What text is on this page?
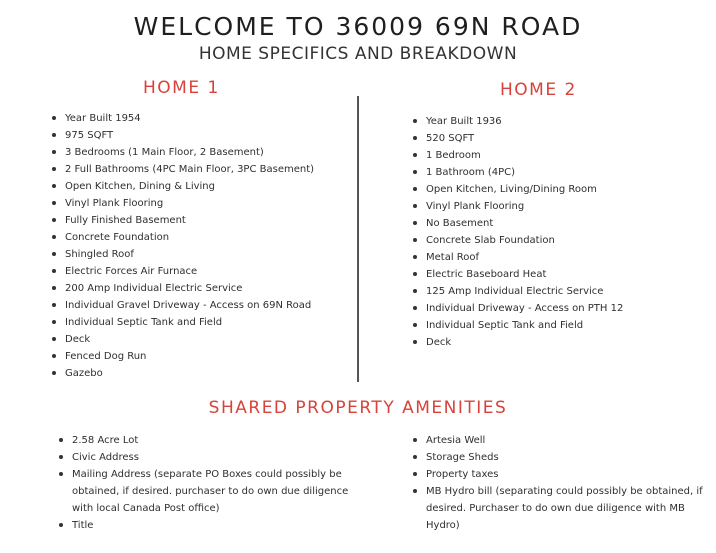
WELCOME TO 36009 69N ROAD
HOME SPECIFICS AND BREAKDOWN
HOME 1	HOME 2
Year Built 1954
975 SQFT
3 Bedrooms (1 Main Floor, 2 Basement)
2 Full Bathrooms (4PC Main Floor, 3PC Basement)
Open Kitchen, Dining & Living
Vinyl Plank Flooring
Fully Finished Basement
Concrete Foundation
Shingled Roof
Electric Forces Air Furnace
200 Amp Individual Electric Service
Individual Gravel Driveway - Access on 69N Road
Individual Septic Tank and Field
Deck
Fenced Dog Run
Gazebo
Year Built 1936
520 SQFT
1 Bedroom
1 Bathroom (4PC)
Open Kitchen, Living/Dining Room
Vinyl Plank Flooring
No Basement
Concrete Slab Foundation
Metal Roof
Electric Baseboard Heat
125 Amp Individual Electric Service
Individual Driveway - Access on PTH 12
Individual Septic Tank and Field
Deck
SHARED PROPERTY AMENITIES
2.58 Acre Lot
Civic Address
Mailing Address (separate PO Boxes could possibly be obtained, if desired. purchaser to do own due diligence with local Canada Post office)
Title
Artesia Well
Storage Sheds
Property taxes
MB Hydro bill (separating could possibly be obtained, if desired. Purchaser to do own due diligence with MB Hydro)
